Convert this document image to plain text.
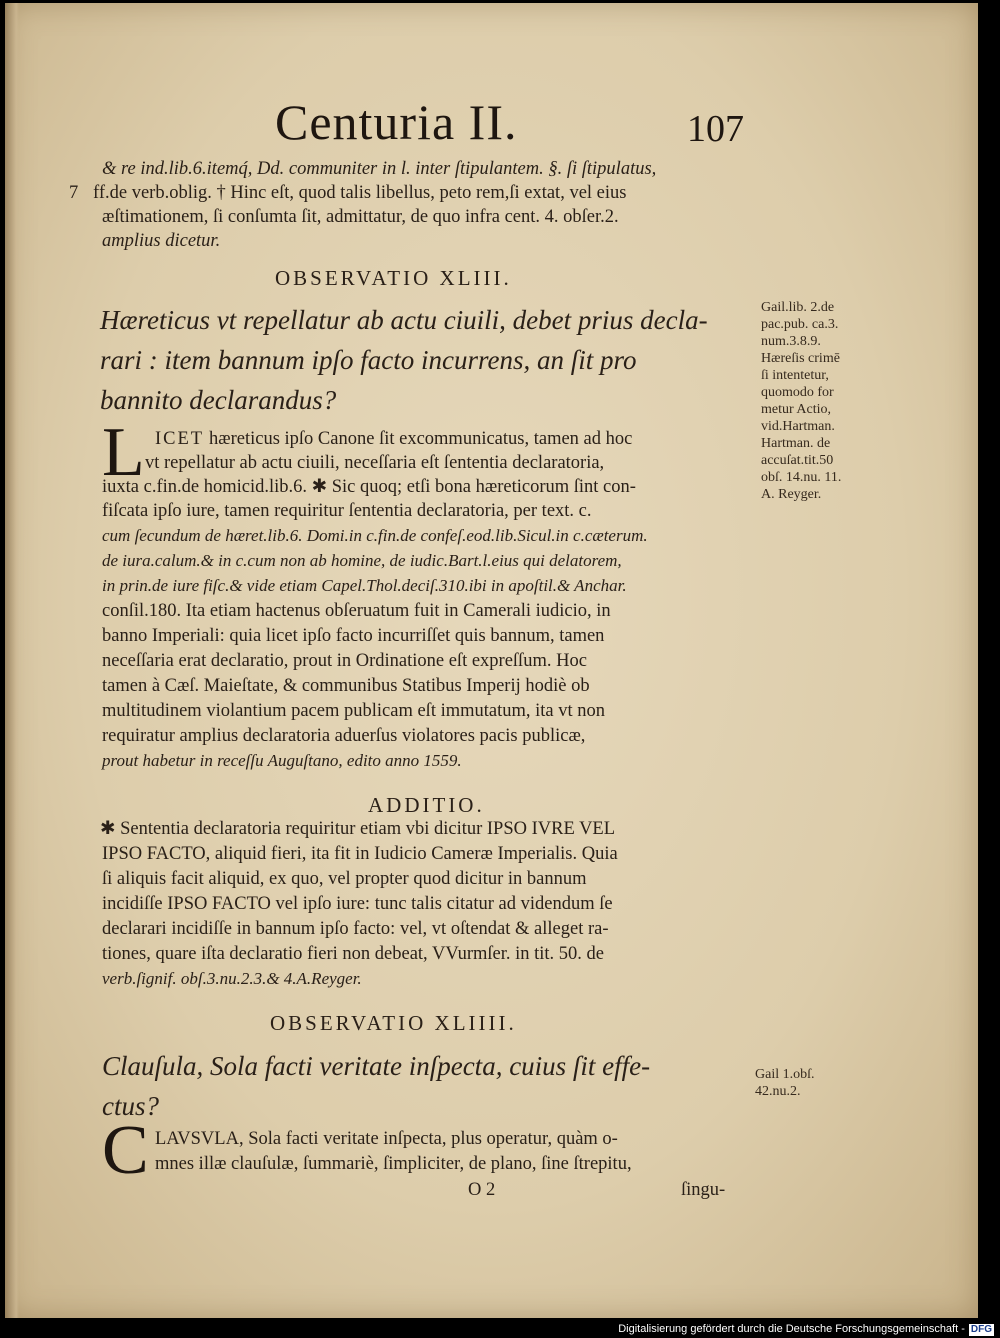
Centuria II.	107
& re ind.lib.6.itemq́, Dd. communiter in l. inter ſtipulantem. §. ſi ſtipulatus,
7 ff.de verb.oblig. † Hinc eſt, quod talis libellus, peto rem,ſi extat, vel eius
æſtimationem, ſi conſumta ſit, admittatur, de quo infra cent. 4. obſer.2.
amplius dicetur.
OBSERVATIO XLIII.
Hæreticus vt repellatur ab actu ciuili, debet prius decla-
rari : item bannum ipſo facto incurrens, an ſit pro
bannito declarandus?
L ICET hæreticus ipſo Canone ſit excommunicatus, tamen ad hoc
vt repellatur ab actu ciuili, neceſſaria eſt ſententia declaratoria,
iuxta c.fin.de homicid.lib.6. ✱ Sic quoq; etſi bona hæreticorum ſint con-
fiſcata ipſo iure, tamen requiritur ſententia declaratoria, per text. c.
cum ſecundum de hæret.lib.6. Domi.in c.fin.de confeſ.eod.lib.Sicul.in c.cæterum.
de iura.calum.& in c.cum non ab homine, de iudic.Bart.l.eius qui delatorem,
in prin.de iure fiſc.& vide etiam Capel.Thol.deciſ.310.ibi in apoſtil.& Anchar.
conſil.180. Ita etiam hactenus obſeruatum fuit in Camerali iudicio, in
banno Imperiali: quia licet ipſo facto incurriſſet quis bannum, tamen
neceſſaria erat declaratio, prout in Ordinatione eſt expreſſum. Hoc
tamen à Cæſ. Maieſtate, & communibus Statibus Imperij hodiè ob
multitudinem violantium pacem publicam eſt immutatum, ita vt non
requiratur amplius declaratoria aduerſus violatores pacis publicæ,
prout habetur in receſſu Auguſtano, edito anno 1559.
ADDITIO.
✱ Sententia declaratoria requiritur etiam vbi dicitur IPSO IVRE VEL
IPSO FACTO, aliquid fieri, ita fit in Iudicio Cameræ Imperialis. Quia
ſi aliquis facit aliquid, ex quo, vel propter quod dicitur in bannum
incidiſſe IPSO FACTO vel ipſo iure: tunc talis citatur ad videndum ſe
declarari incidiſſe in bannum ipſo facto: vel, vt oſtendat & alleget ra-
tiones, quare iſta declaratio fieri non debeat, VVurmſer. in tit. 50. de
verb.ſignif. obſ.3.nu.2.3.& 4.A.Reyger.
OBSERVATIO XLIIII.
Clauſula, Sola facti veritate inſpecta, cuius ſit effe-
ctus?
C LAVSVLA, Sola facti veritate inſpecta, plus operatur, quàm o-
mnes illæ clauſulæ, ſummariè, ſimpliciter, de plano, ſine ſtrepitu,
O 2	ſingu-
Gail.lib. 2.de
pac.pub. ca.3.
num.3.8.9.
Hæreſis crimē
ſi intentetur,
quomodo for
metur Actio,
vid.Hartman.
Hartman. de
accuſat.tit.50
obſ. 14.nu. 11.
A. Reyger.
Gail 1.obſ.
42.nu.2.
Digitalisierung gefördert durch die Deutsche Forschungsgemeinschaft - DFG
